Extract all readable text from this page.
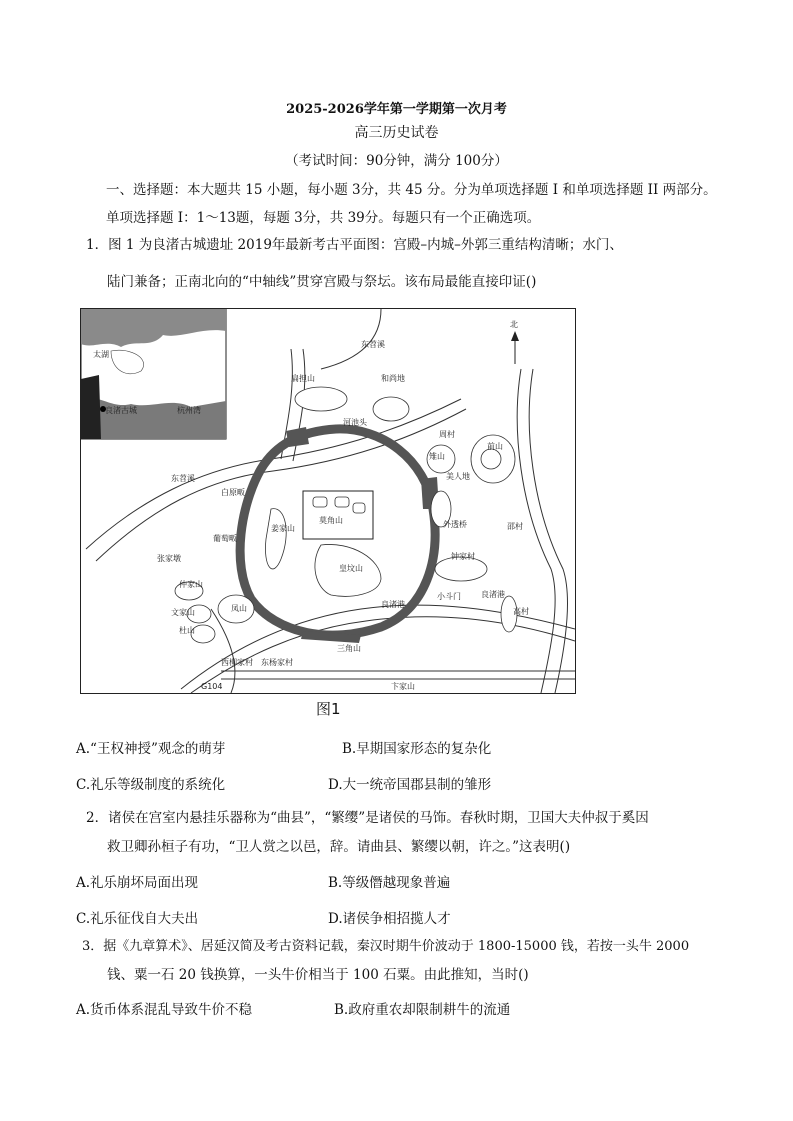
2025-2026学年第一学期第一次月考
高三历史试卷
（考试时间：90分钟，满分 100分）
一、选择题：本大题共 15 小题，每小题 3分，共 45 分。分为单项选择题 I 和单项选择题 II 两部分。
单项选择题 I：1～13题，每题 3分，共 39分。每题只有一个正确选项。
1．图 1 为良渚古城遗址 2019年最新考古平面图：宫殿–内城–外郭三重结构清晰；水门、
陆门兼备；正南北向的“中轴线”贯穿宫殿与祭坛。该布局最能直接印证()
太湖
良渚古城	杭州湾
莫角山
皇坟山
北
G104
东苕溪
东苕溪
良渚港
良渚港
扁担山	和尚地
河池头
雉山
周村
美人地
前山
外透桥
钟家村
邵村
高村
小斗门
白原畈
葡萄畈
张家墩
仲家山
文家山
杜山
凤山
姜家山
三角山
西柳家村 东杨家村
卞家山
图1
A.“王权神授”观念的萌芽	B.早期国家形态的复杂化
C.礼乐等级制度的系统化	D.大一统帝国郡县制的雏形
2．诸侯在宫室内悬挂乐器称为“曲县”，“繁缨”是诸侯的马饰。春秋时期，卫国大夫仲叔于奚因
救卫卿孙桓子有功，“卫人赏之以邑，辞。请曲县、繁缨以朝，许之。”这表明()
A.礼乐崩坏局面出现	B.等级僭越现象普遍
C.礼乐征伐自大夫出	D.诸侯争相招揽人才
3．据《九章算术》、居延汉简及考古资料记载，秦汉时期牛价波动于 1800-15000 钱，若按一头牛 2000
钱、粟一石 20 钱换算，一头牛价相当于 100 石粟。由此推知，当时()
A.货币体系混乱导致牛价不稳	B.政府重农却限制耕牛的流通
